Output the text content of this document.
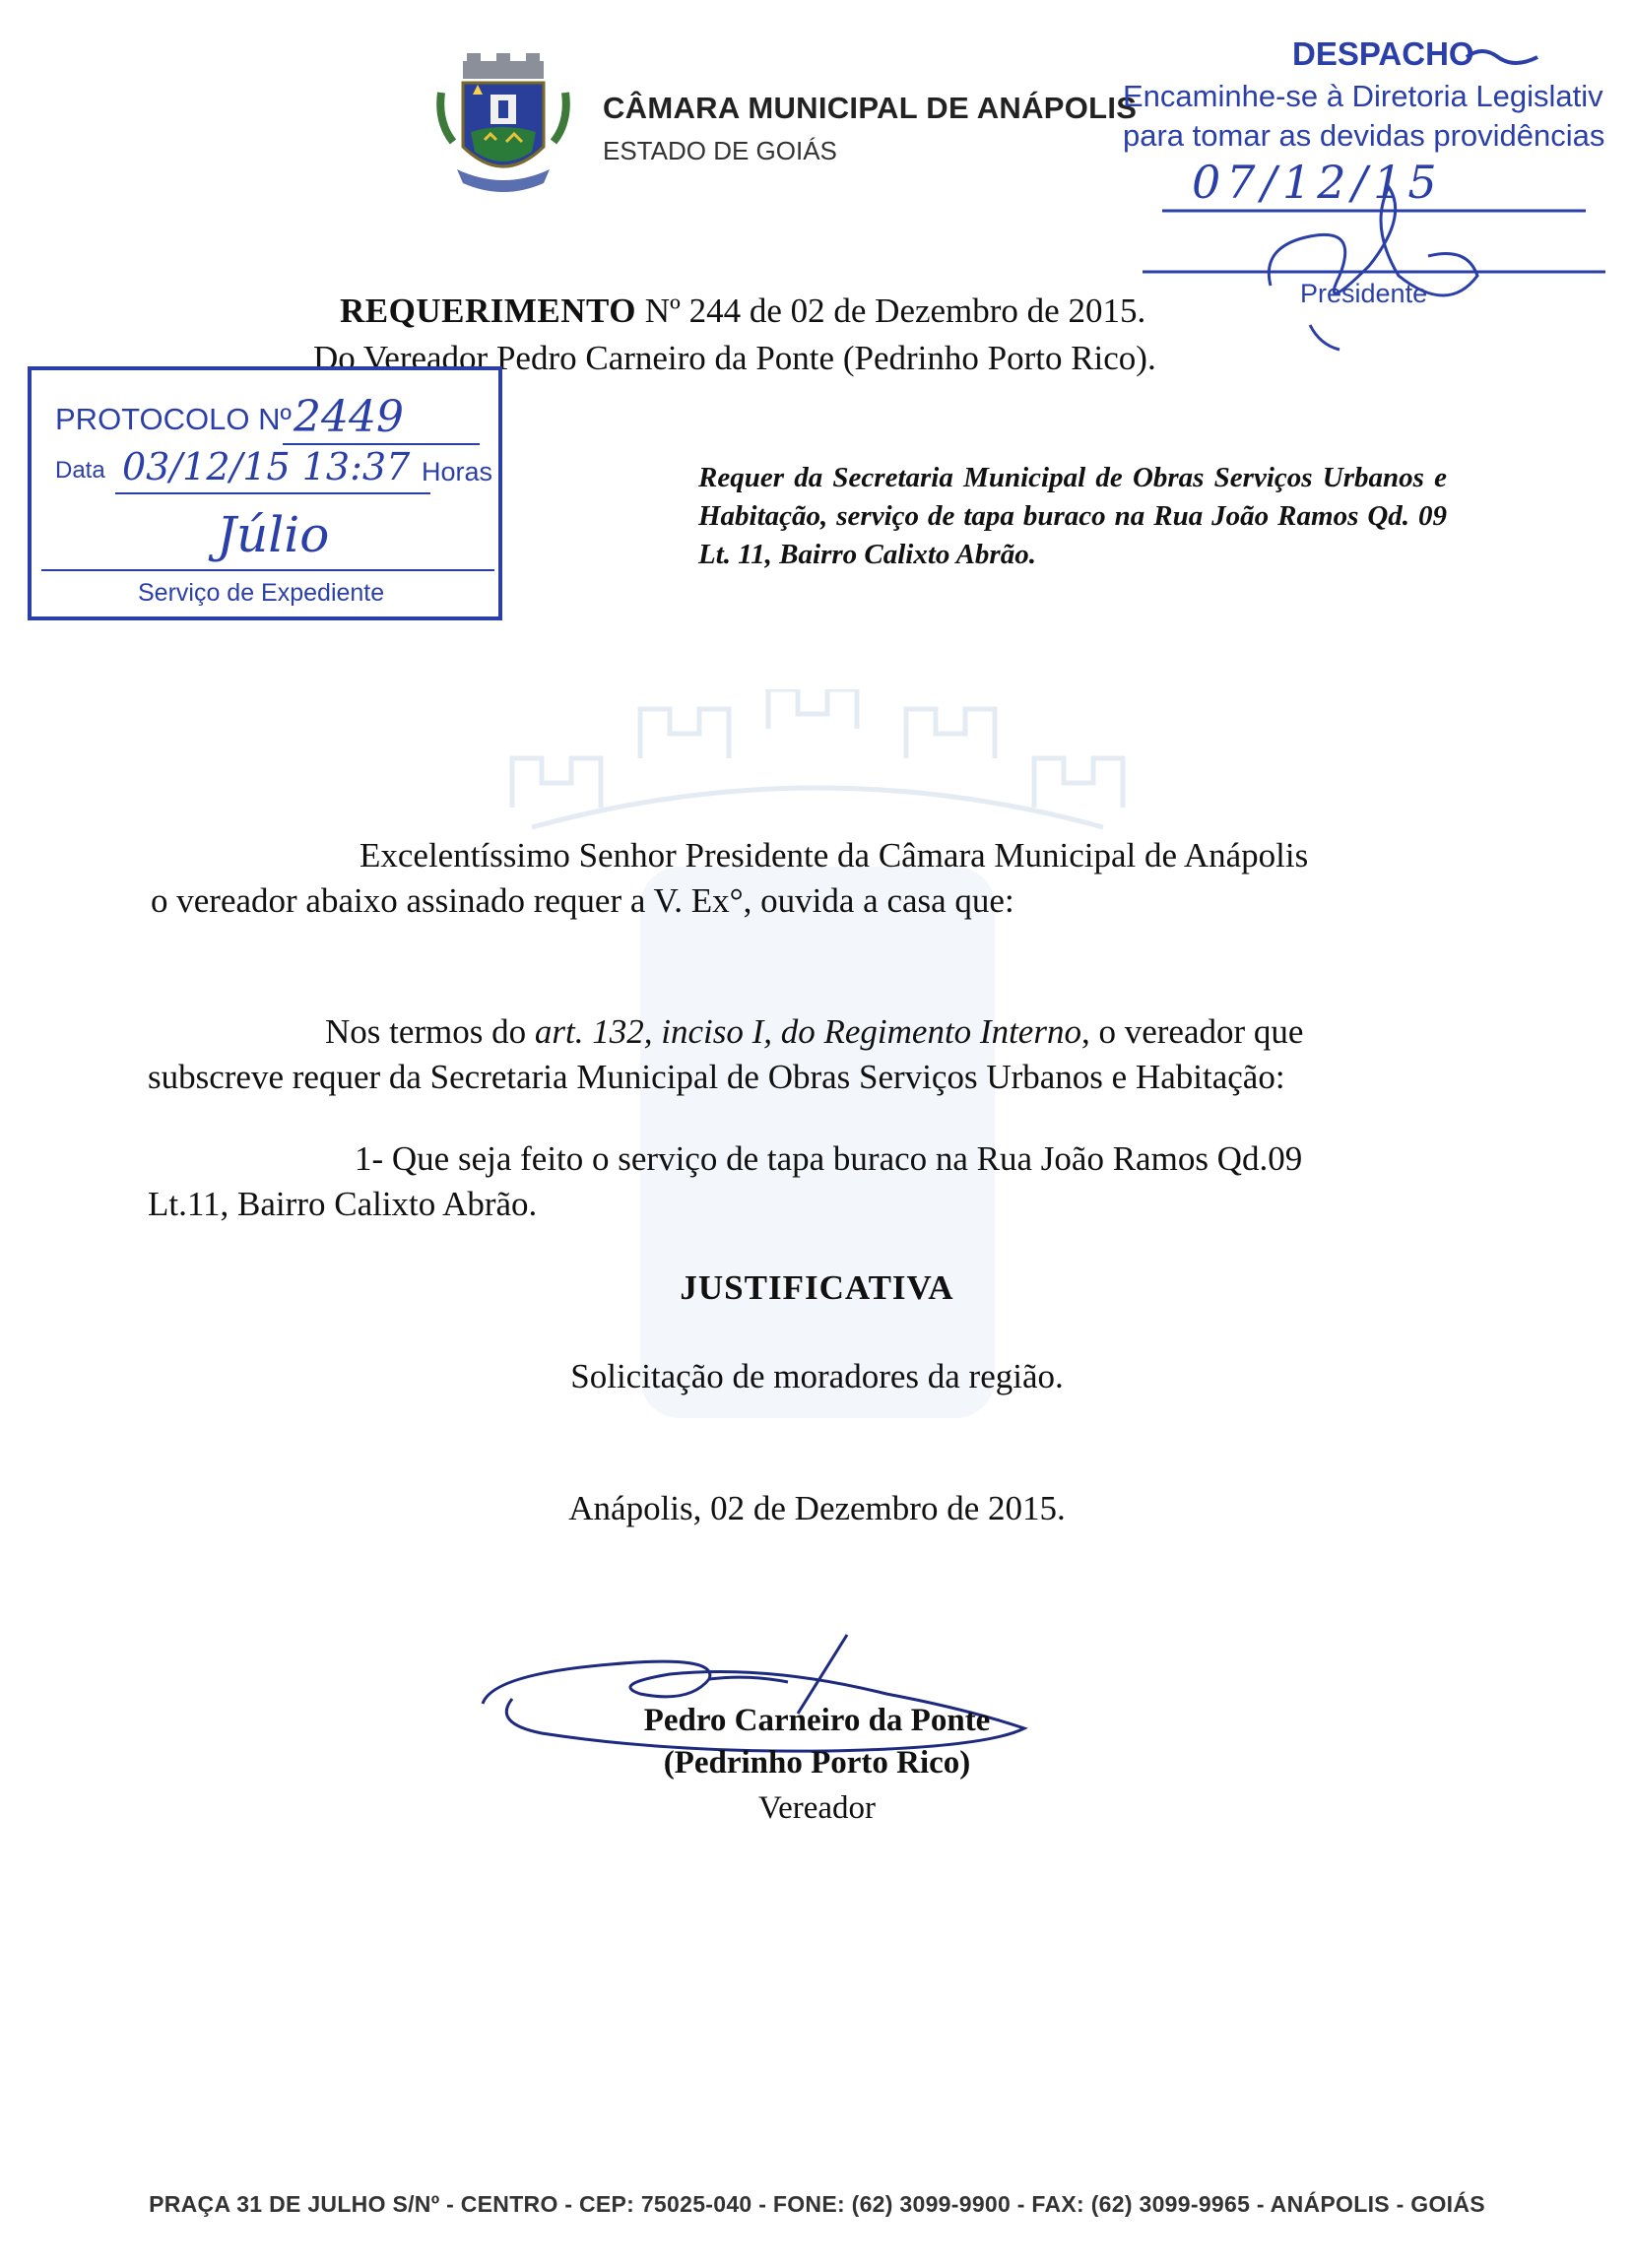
CÂMARA MUNICIPAL DE ANÁPOLIS
ESTADO DE GOIÁS
DESPACHO
Encaminhe-se à Diretoria Legislativ
para tomar as devidas providências
07/12/15
Presidente
REQUERIMENTO Nº 244 de 02 de Dezembro de 2015.
Do Vereador Pedro Carneiro da Ponte (Pedrinho Porto Rico).
PROTOCOLO Nº 2449
Data 03/12/15 13:37 Horas
Júlio
Serviço de Expediente
Requer da Secretaria Municipal de Obras Serviços Urbanos e Habitação, serviço de tapa buraco na Rua João Ramos Qd. 09 Lt. 11, Bairro Calixto Abrão.
Excelentíssimo Senhor Presidente da Câmara Municipal de Anápolis
o vereador abaixo assinado requer a V. Ex°, ouvida a casa que:
Nos termos do art. 132, inciso I, do Regimento Interno, o vereador que
subscreve requer da Secretaria Municipal de Obras Serviços Urbanos e Habitação:
1- Que seja feito o serviço de tapa buraco na Rua João Ramos Qd.09
Lt.11, Bairro Calixto Abrão.
JUSTIFICATIVA
Solicitação de moradores da região.
Anápolis, 02 de Dezembro de 2015.
Pedro Carneiro da Ponte
(Pedrinho Porto Rico)
Vereador
PRAÇA 31 DE JULHO S/Nº - CENTRO - CEP: 75025-040 - FONE: (62) 3099-9900 - FAX: (62) 3099-9965 - ANÁPOLIS - GOIÁS
